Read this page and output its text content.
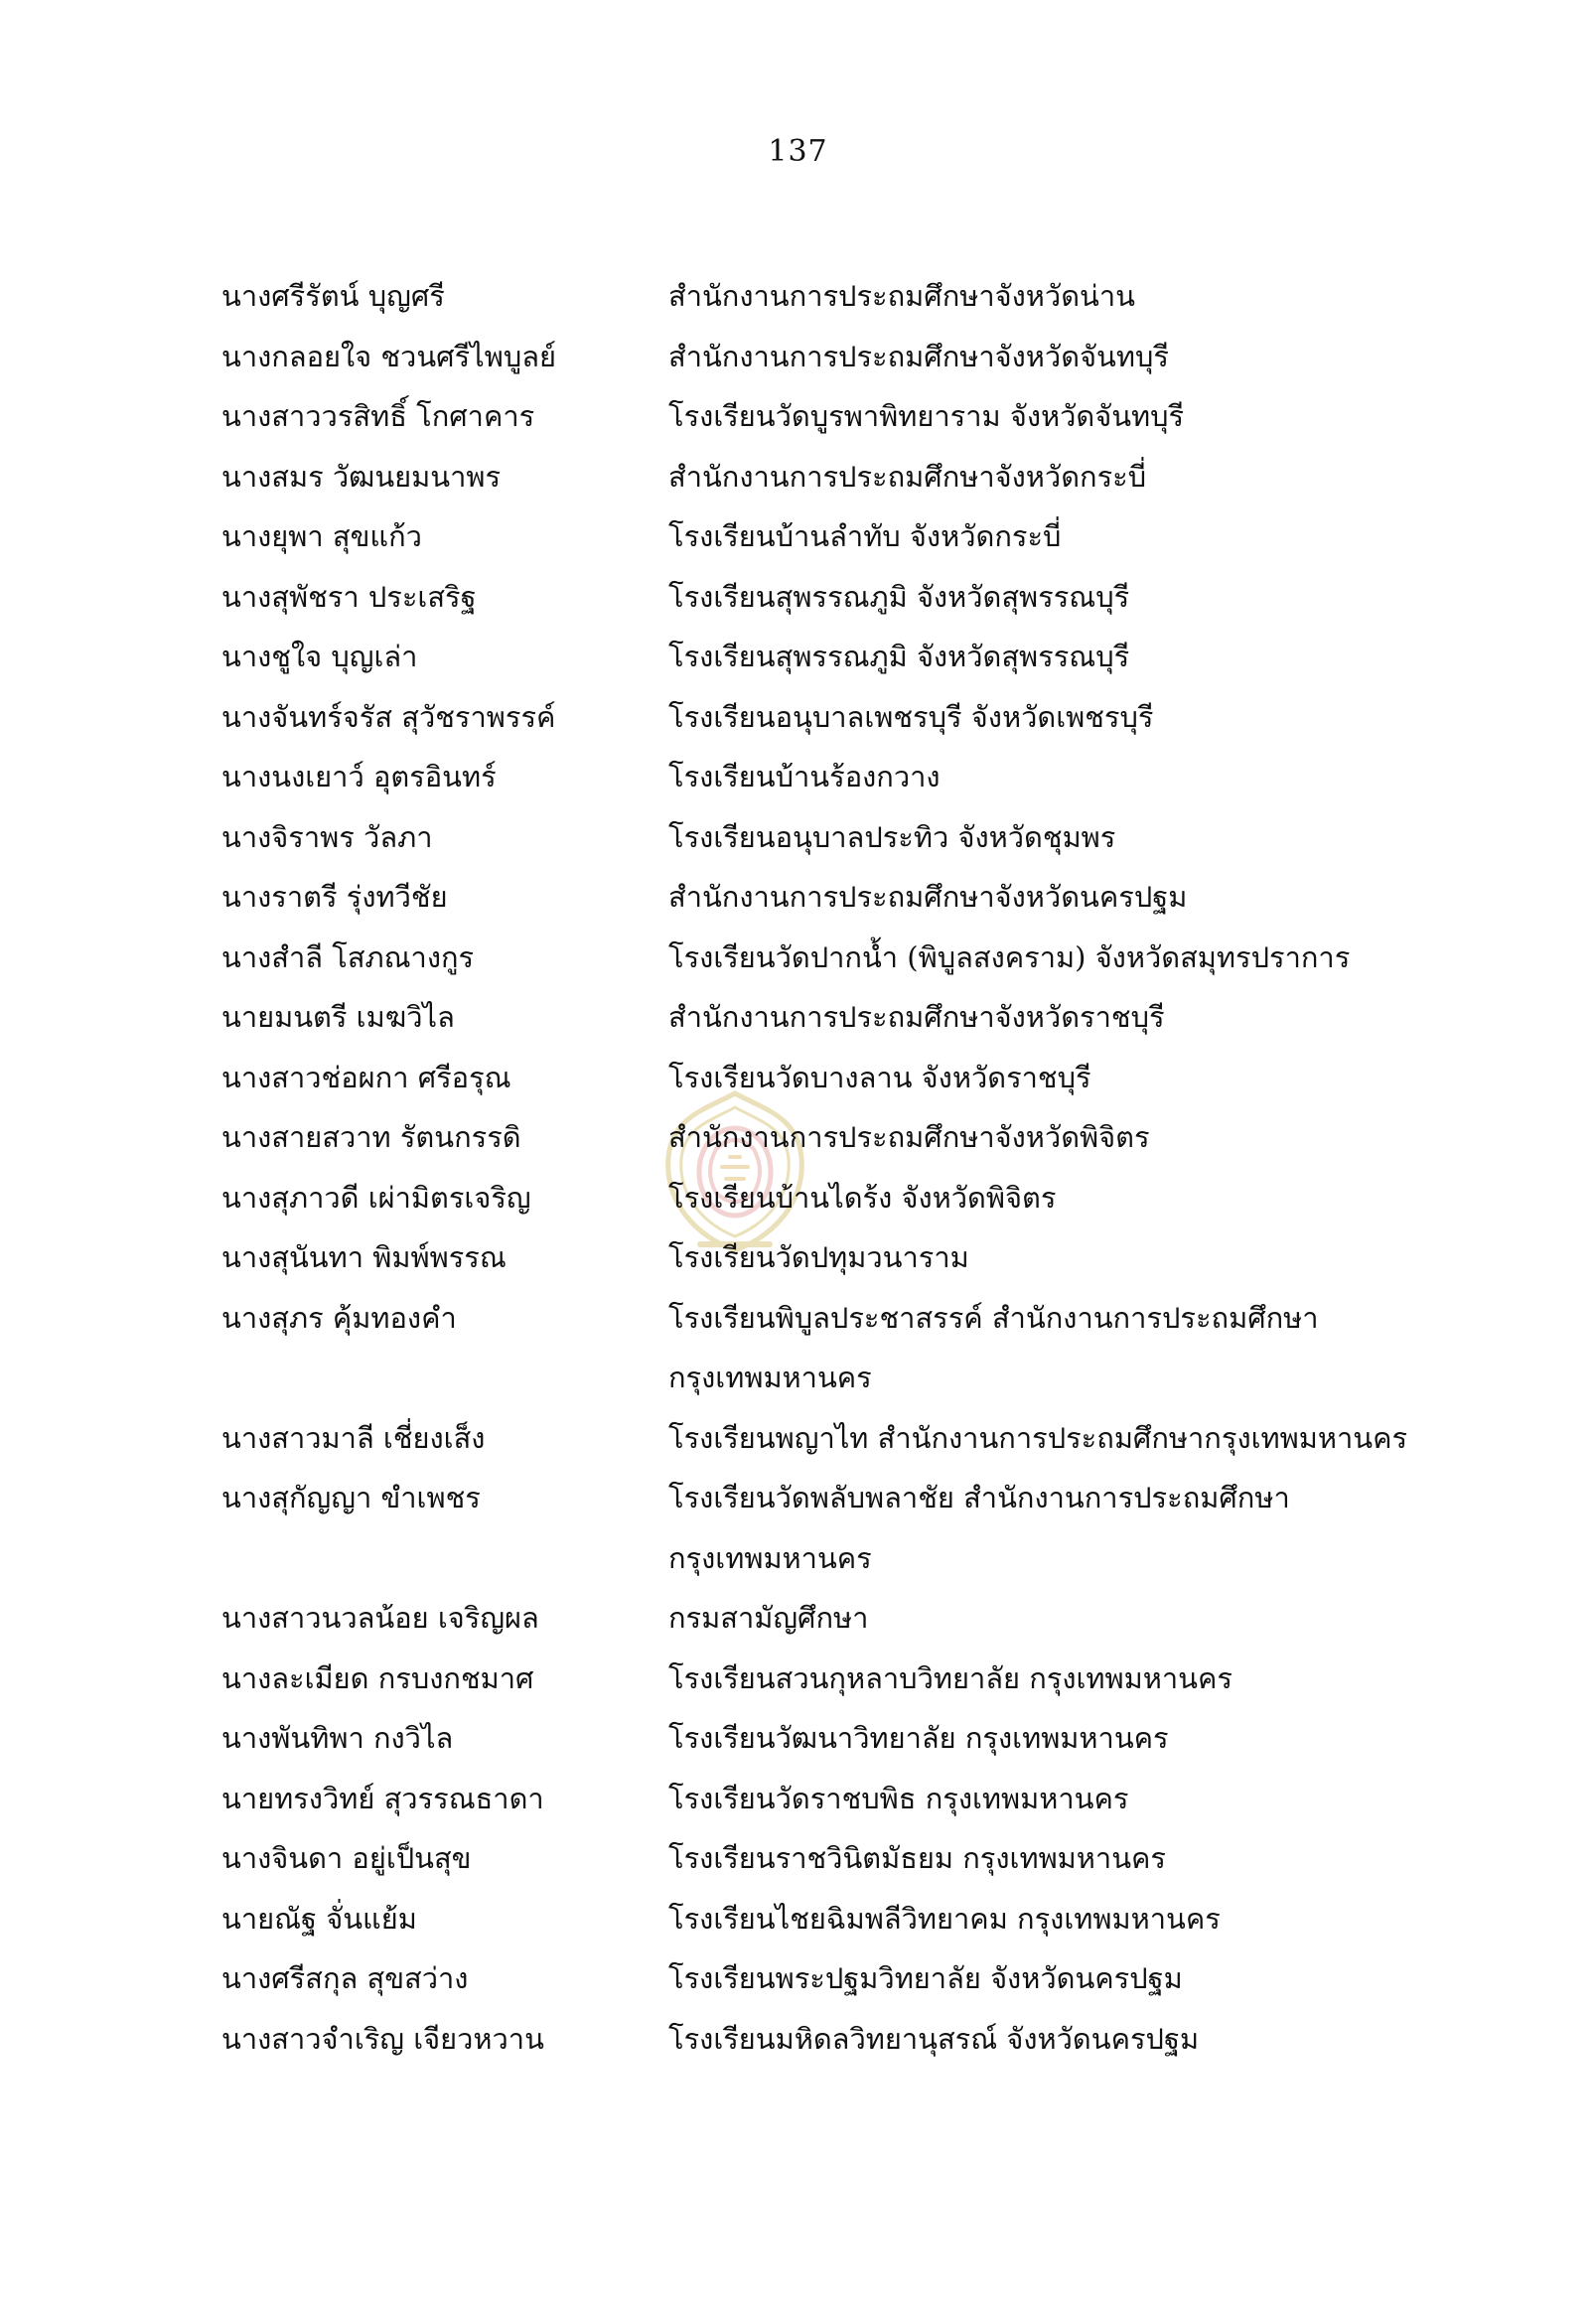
137
นางศรีรัตน์ บุญศรี	สำนักงานการประถมศึกษาจังหวัดน่าน
นางกลอยใจ ชวนศรีไพบูลย์	สำนักงานการประถมศึกษาจังหวัดจันทบุรี
นางสาววรสิทธิ์ โกศาคาร	โรงเรียนวัดบูรพาพิทยาราม จังหวัดจันทบุรี
นางสมร วัฒนยมนาพร	สำนักงานการประถมศึกษาจังหวัดกระบี่
นางยุพา สุขแก้ว	โรงเรียนบ้านลำทับ จังหวัดกระบี่
นางสุพัชรา ประเสริฐ	โรงเรียนสุพรรณภูมิ จังหวัดสุพรรณบุรี
นางชูใจ บุญเล่า	โรงเรียนสุพรรณภูมิ จังหวัดสุพรรณบุรี
นางจันทร์จรัส สุวัชราพรรค์	โรงเรียนอนุบาลเพชรบุรี จังหวัดเพชรบุรี
นางนงเยาว์ อุตรอินทร์	โรงเรียนบ้านร้องกวาง
นางจิราพร วัลภา	โรงเรียนอนุบาลประทิว จังหวัดชุมพร
นางราตรี รุ่งทวีชัย	สำนักงานการประถมศึกษาจังหวัดนครปฐม
นางสำลี โสภณางกูร	โรงเรียนวัดปากน้ำ (พิบูลสงคราม) จังหวัดสมุทรปราการ
นายมนตรี เมฆวิไล	สำนักงานการประถมศึกษาจังหวัดราชบุรี
นางสาวช่อผกา ศรีอรุณ	โรงเรียนวัดบางลาน จังหวัดราชบุรี
นางสายสวาท รัตนกรรดิ	สำนักงานการประถมศึกษาจังหวัดพิจิตร
นางสุภาวดี เผ่ามิตรเจริญ	โรงเรียนบ้านไดร้ง จังหวัดพิจิตร
นางสุนันทา พิมพ์พรรณ	โรงเรียนวัดปทุมวนาราม
นางสุภร คุ้มทองคำ	โรงเรียนพิบูลประชาสรรค์ สำนักงานการประถมศึกษา
กรุงเทพมหานคร
นางสาวมาลี เชี่ยงเส็ง	โรงเรียนพญาไท สำนักงานการประถมศึกษากรุงเทพมหานคร
นางสุกัญญา ขำเพชร	โรงเรียนวัดพลับพลาชัย สำนักงานการประถมศึกษา
กรุงเทพมหานคร
นางสาวนวลน้อย เจริญผล	กรมสามัญศึกษา
นางละเมียด กรบงกชมาศ	โรงเรียนสวนกุหลาบวิทยาลัย กรุงเทพมหานคร
นางพันทิพา กงวิไล	โรงเรียนวัฒนาวิทยาลัย กรุงเทพมหานคร
นายทรงวิทย์ สุวรรณธาดา	โรงเรียนวัดราชบพิธ กรุงเทพมหานคร
นางจินดา อยู่เป็นสุข	โรงเรียนราชวินิตมัธยม กรุงเทพมหานคร
นายณัฐ จั่นแย้ม	โรงเรียนไชยฉิมพลีวิทยาคม กรุงเทพมหานคร
นางศรีสกุล สุขสว่าง	โรงเรียนพระปฐมวิทยาลัย จังหวัดนครปฐม
นางสาวจำเริญ เจียวหวาน	โรงเรียนมหิดลวิทยานุสรณ์ จังหวัดนครปฐม
